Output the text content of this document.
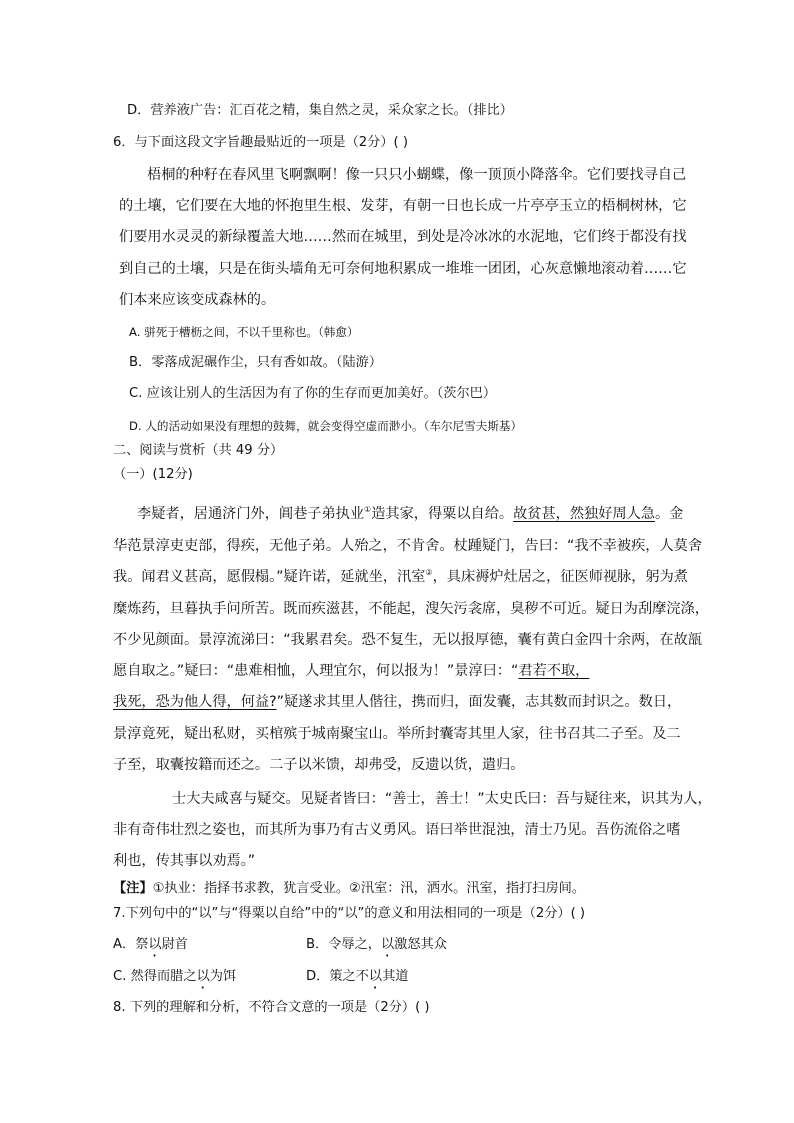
D．营养液广告：汇百花之精，集自然之灵，采众家之长。（排比）
6．与下面这段文字旨趣最贴近的一项是（2分）( )
梧桐的种籽在春风里飞啊飘啊！像一只只小蝴蝶，像一顶顶小降落伞。它们要找寻自己
的土壤，它们要在大地的怀抱里生根、发芽，有朝一日也长成一片亭亭玉立的梧桐树林，它
们要用水灵灵的新绿覆盖大地……然而在城里，到处是冷冰冰的水泥地，它们终于都没有找
到自己的土壤，只是在街头墙角无可奈何地积累成一堆堆一团团，心灰意懒地滚动着……它
们本来应该变成森林的。
A. 骈死于槽枥之间，不以千里称也。（韩愈）
B．零落成泥碾作尘，只有香如故。（陆游）
C. 应该让别人的生活因为有了你的生存而更加美好。（茨尔巴）
D. 人的活动如果没有理想的鼓舞，就会变得空虚而渺小。（车尔尼雪夫斯基）
二、阅读与赏析（共 49 分）
（一）(12分)
李疑者，居通济门外，阊巷子弟执业①造其家，得粟以自给。故贫甚，然独好周人急。金
华范景淳吏吏部，得疾，无他子弟。人殆之，不肯舍。杖踵疑门，告曰：“我不幸被疾，人莫舍
我。闻君义甚高，愿假榻。”疑许诺，延就坐，汛室②，具床褥炉灶居之，征医师视脉，躬为煮
糜炼药，旦暮执手问所苦。既而疾滋甚，不能起，溲矢污衾席，臭秽不可近。疑日为刮摩浣涤，
不少见颜面。景淳流涕曰：“我累君矣。恐不复生，无以报厚德，囊有黄白金四十余两，在故瓿
愿自取之。”疑曰：“患难相恤，人理宜尔，何以报为！”景淳曰：“君若不取，
我死，恐为他人得，何益?”疑遂求其里人偕往，携而归，面发囊，志其数而封识之。数日，
景淳竟死，疑出私财，买棺殡于城南聚宝山。举所封囊寄其里人家，往书召其二子至。及二
子至，取囊按籍而还之。二子以米馈，却弗受，反遗以货，遣归。
士大夫咸喜与疑交。见疑者皆曰：“善士，善士！”太史氏曰：吾与疑往来，识其为人，
非有奇伟壮烈之姿也，而其所为事乃有古义勇风。语曰举世混浊，清士乃见。吾伤流俗之嗜
利也，传其事以劝焉。”
【注】①执业：指择书求教，犹言受业。②汛室：汛，洒水。汛室，指打扫房间。
7.下列句中的“以”与“得粟以自给”中的“以”的意义和用法相同的一项是（2分）( )
A．祭以尉首	B．令辱之，以激怒其众
C. 然得而腊之以为饵	D．策之不以其道
8. 下列的理解和分析，不符合文意的一项是（2分）( )
